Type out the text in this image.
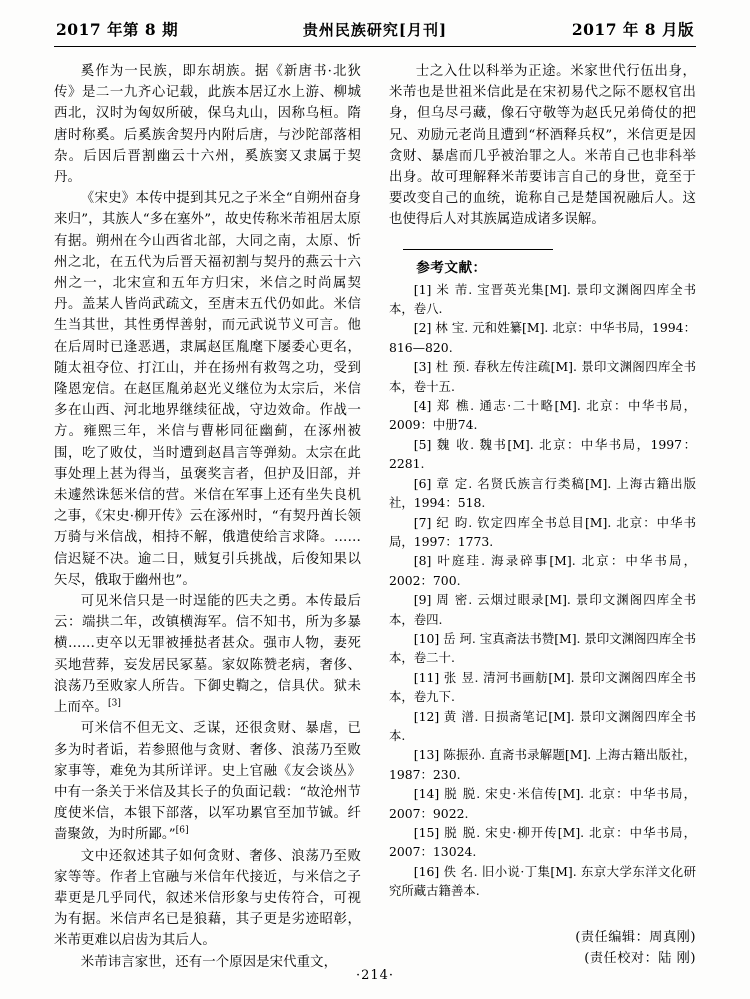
2017 年第 8 期	贵州民族研究[月刊]	2017 年 8 月版

奚作为一民族，即东胡族。据《新唐书·北狄传》是二一九齐心记载，此族本居辽水上游、柳城西北，汉时为匈奴所破，保乌丸山，因称乌桓。隋唐时称奚。后奚族舍契丹内附后唐，与沙陀部落相杂。后因后晋割幽云十六州，奚族窦又隶属于契丹。

《宋史》本传中提到其兄之子米全“自朔州奋身来归”，其族人“多在塞外”，故史传称米芾祖居太原有据。朔州在今山西省北部，大同之南，太原、忻州之北，在五代为后晋天福初割与契丹的燕云十六州之一，北宋宣和五年方归宋，米信之时尚属契丹。盖某人皆尚武疏文，至唐末五代仍如此。米信生当其世，其性勇悍善射，而元武说节义可言。他在后周时已逢恶遇，隶属赵匡胤麾下屡委心更名，随太祖夺位、打江山，并在扬州有救驾之功，受到隆恩宠信。在赵匡胤弟赵光义继位为太宗后，米信多在山西、河北地界继续征战，守边效命。作战一方。雍熙三年，米信与曹彬同征幽蓟，在涿州被围，吃了败仗，当时遭到赵昌言等弹劾。太宗在此事处理上甚为得当，虽褒奖言者，但护及旧部，并未遽然诛惩米信的营。米信在军事上还有坐失良机之事，《宋史·柳开传》云在涿州时，“有契丹酋长领万骑与米信战，相持不解，俄遣使给言求降。……信迟疑不决。逾二日，贼复引兵挑战，后俊知果以矢尽，俄取于幽州也”。

可见米信只是一时逞能的匹夫之勇。本传最后云：端拱二年，改镇横海军。信不知书，所为多暴横……吏卒以无罪被捶挞者甚众。强市人物，妻死买地营葬，妄发居民冢墓。家奴陈赞老病，奢侈、浪荡乃至败家人所告。下御史鞫之，信具伏。狱未上而卒。[3]

可米信不但无文、乏谋，还很贪财、暴虐，已多为时者诟，若参照他与贪财、奢侈、浪荡乃至败家事等，难免为其所详评。史上官融《友会谈丛》中有一条关于米信及其长子的负面记载：“故沧州节度使米信，本银下部落，以军功累官至加节铖。纤啬聚敛，为时所鄙。”[6]

文中还叙述其子如何贪财、奢侈、浪荡乃至败家等等。作者上官融与米信年代接近，与米信之子辈更是几乎同代，叙述米信形象与史传符合，可视为有据。米信声名已是狼藉，其子更是劣迹昭彰，米芾更难以启齿为其后人。

米芾讳言家世，还有一个原因是宋代重文，

士之入仕以科举为正途。米家世代行伍出身，米芾也是世祖米信此是在宋初易代之际不愿权官出身，但乌尽弓藏，像石守敬等为赵氏兄弟倚仗的把兄、劝励元老尚且遭到“杯酒释兵权”，米信更是因贪财、暴虐而几乎被治罪之人。米芾自己也非科举出身。故可理解释米芾要讳言自己的身世，竟至于要改变自己的血统，诡称自己是楚国祝融后人。这也使得后人对其族属造成诸多误解。

参考文献：

[1] 米 芾. 宝晋英光集[M]. 景印文渊阁四库全书本，卷八.

[2] 林 宝. 元和姓纂[M]. 北京：中华书局，1994：816—820.

[3] 杜 预. 春秋左传注疏[M]. 景印文渊阁四库全书本，卷十五.

[4] 郑 樵. 通志·二十略[M]. 北京：中华书局，2009：中册74.

[5] 魏 收. 魏书[M]. 北京：中华书局，1997：2281.

[6] 章 定. 名贤氏族言行类稿[M]. 上海古籍出版社，1994：518.

[7] 纪 昀. 钦定四库全书总目[M]. 北京：中华书局，1997：1773.

[8] 叶庭珪. 海录碎事[M]. 北京：中华书局，2002：700.

[9] 周 密. 云烟过眼录[M]. 景印文渊阁四库全书本，卷四.

[10] 岳 珂. 宝真斋法书赞[M]. 景印文渊阁四库全书本，卷二十.

[11] 张 昱. 清河书画舫[M]. 景印文渊阁四库全书本，卷九下.

[12] 黄 潽. 日损斋笔记[M]. 景印文渊阁四库全书本.

[13] 陈振孙. 直斋书录解题[M]. 上海古籍出版社，1987：230.

[14] 脱 脱. 宋史·米信传[M]. 北京：中华书局，2007：9022.

[15] 脱 脱. 宋史·柳开传[M]. 北京：中华书局，2007：13024.

[16] 佚 名. 旧小说·丁集[M]. 东京大学东洋文化研究所藏古籍善本.

(责任编辑：周真刚)
(责任校对：陆 刚)
·214·
